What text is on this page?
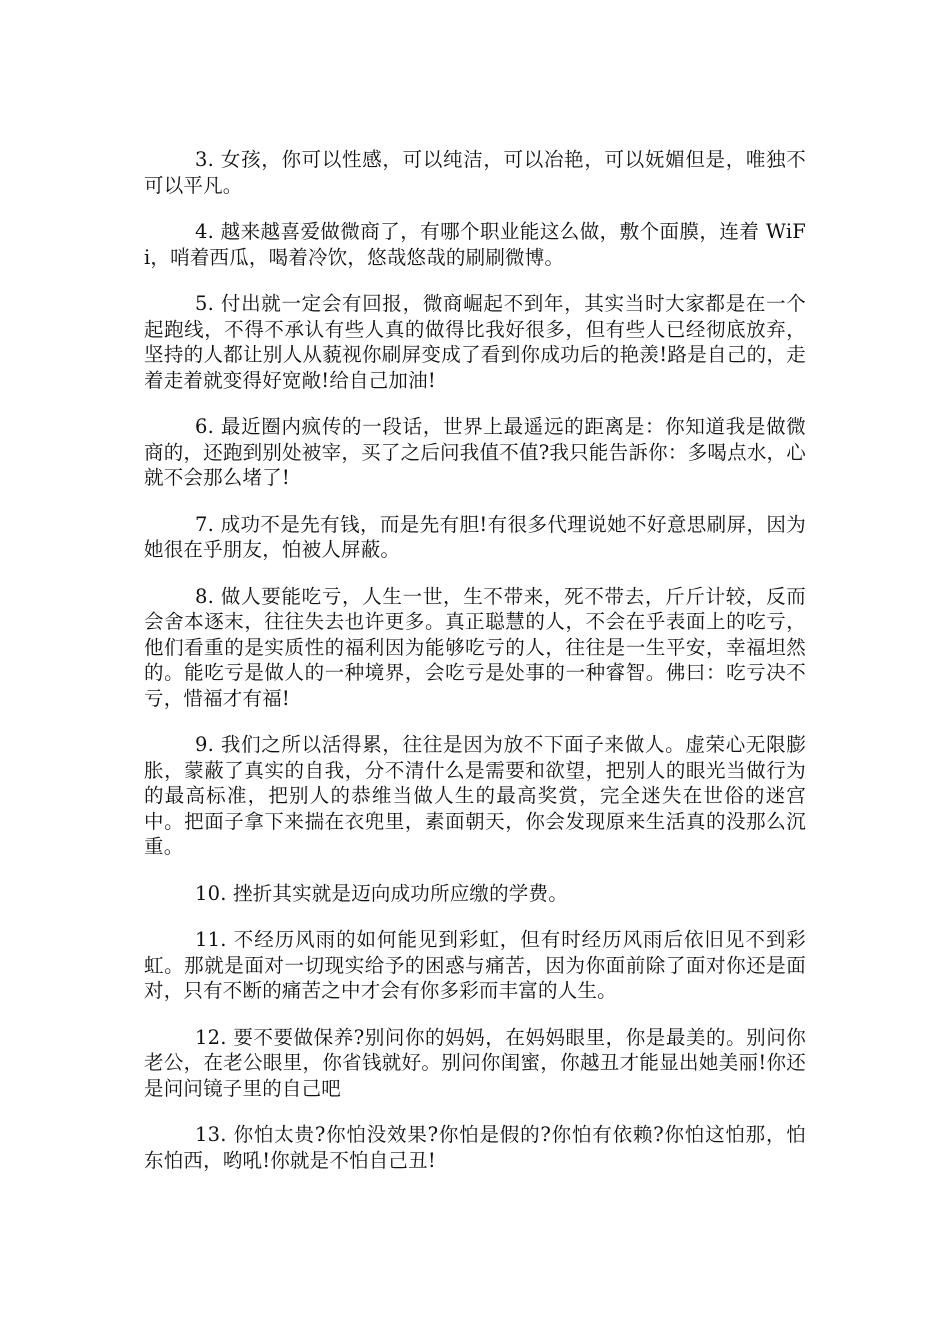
3. 女孩，你可以性感，可以纯洁，可以冶艳，可以妩媚但是，唯独不可以平凡。

4. 越来越喜爱做微商了，有哪个职业能这么做，敷个面膜，连着 WiFi，哨着西瓜，喝着冷饮，悠哉悠哉的刷刷微博。

5. 付出就一定会有回报，微商崛起不到年，其实当时大家都是在一个起跑线，不得不承认有些人真的做得比我好很多，但有些人已经彻底放弃，坚持的人都让别人从藐视你刷屏变成了看到你成功后的艳羡!路是自己的，走着走着就变得好宽敞!给自己加油!

6. 最近圈内疯传的一段话，世界上最遥远的距离是：你知道我是做微商的，还跑到别处被宰，买了之后问我值不值?我只能告訴你：多喝点水，心就不会那么堵了!

7. 成功不是先有钱，而是先有胆!有很多代理说她不好意思刷屏，因为她很在乎朋友，怕被人屏蔽。

8. 做人要能吃亏，人生一世，生不带来，死不带去，斤斤计较，反而会舍本逐末，往往失去也许更多。真正聪慧的人，不会在乎表面上的吃亏，他们看重的是实质性的福利因为能够吃亏的人，往往是一生平安，幸福坦然的。能吃亏是做人的一种境界，会吃亏是处事的一种睿智。佛曰：吃亏决不亏，惜福才有福!

9. 我们之所以活得累，往往是因为放不下面子来做人。虚荣心无限膨胀，蒙蔽了真实的自我，分不清什么是需要和欲望，把别人的眼光当做行为的最高标准，把别人的恭维当做人生的最高奖赏，完全迷失在世俗的迷宫中。把面子拿下来揣在衣兜里，素面朝天，你会发现原来生活真的没那么沉重。

10. 挫折其实就是迈向成功所应缴的学费。

11. 不经历风雨的如何能见到彩虹，但有时经历风雨后依旧见不到彩虹。那就是面对一切现实给予的困惑与痛苦，因为你面前除了面对你还是面对，只有不断的痛苦之中才会有你多彩而丰富的人生。

12. 要不要做保养?别问你的妈妈，在妈妈眼里，你是最美的。别问你老公，在老公眼里，你省钱就好。别问你闺蜜，你越丑才能显出她美丽!你还是问问镜子里的自己吧

13. 你怕太贵?你怕没效果?你怕是假的?你怕有依赖?你怕这怕那，怕东怕西，哟吼!你就是不怕自己丑!
